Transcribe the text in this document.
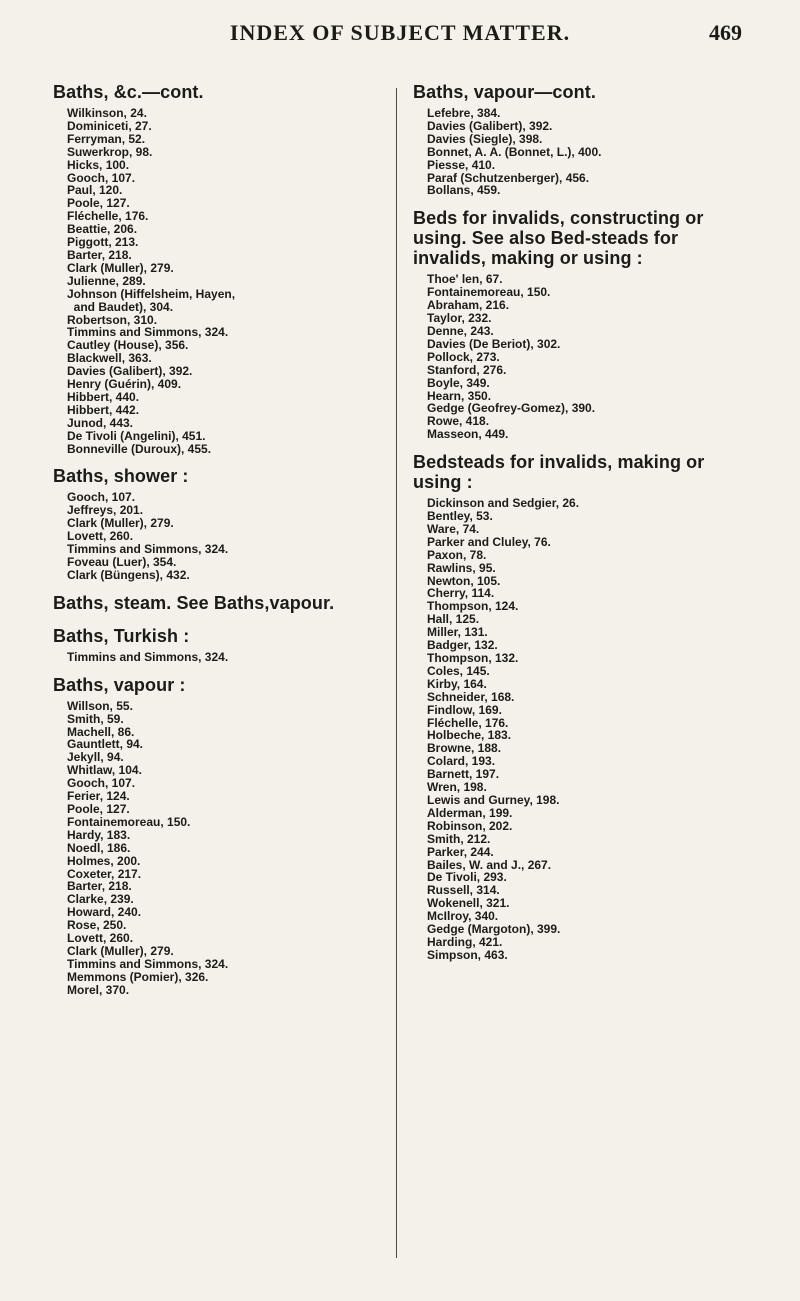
INDEX OF SUBJECT MATTER.	469
Baths, &c.—cont.
Wilkinson, 24.
Dominiceti, 27.
Ferryman, 52.
Suwerkrop, 98.
Hicks, 100.
Gooch, 107.
Paul, 120.
Poole, 127.
Fléchelle, 176.
Beattie, 206.
Piggott, 213.
Barter, 218.
Clark (Muller), 279.
Julienne, 289.
Johnson (Hiffelsheim, Hayen,
and Baudet), 304.
Robertson, 310.
Timmins and Simmons, 324.
Cautley (House), 356.
Blackwell, 363.
Davies (Galibert), 392.
Henry (Guérin), 409.
Hibbert, 440.
Hibbert, 442.
Junod, 443.
De Tivoli (Angelini), 451.
Bonneville (Duroux), 455.
Baths, shower :
Gooch, 107.
Jeffreys, 201.
Clark (Muller), 279.
Lovett, 260.
Timmins and Simmons, 324.
Foveau (Luer), 354.
Clark (Büngens), 432.
Baths, steam. See Baths,vapour.
Baths, Turkish :
Timmins and Simmons, 324.
Baths, vapour :
Willson, 55.
Smith, 59.
Machell, 86.
Gauntlett, 94.
Jekyll, 94.
Whitlaw, 104.
Gooch, 107.
Ferier, 124.
Poole, 127.
Fontainemoreau, 150.
Hardy, 183.
Noedl, 186.
Holmes, 200.
Coxeter, 217.
Barter, 218.
Clarke, 239.
Howard, 240.
Rose, 250.
Lovett, 260.
Clark (Muller), 279.
Timmins and Simmons, 324.
Memmons (Pomier), 326.
Morel, 370.
Baths, vapour—cont.
Lefebre, 384.
Davies (Galibert), 392.
Davies (Siegle), 398.
Bonnet, A. A. (Bonnet, L.), 400.
Piesse, 410.
Paraf (Schutzenberger), 456.
Bollans, 459.
Beds for invalids, constructing or using. See also Bed-steads for invalids, making or using :
Thoe' len, 67.
Fontainemoreau, 150.
Abraham, 216.
Taylor, 232.
Denne, 243.
Davies (De Beriot), 302.
Pollock, 273.
Stanford, 276.
Boyle, 349.
Hearn, 350.
Gedge (Geofrey-Gomez), 390.
Rowe, 418.
Masseon, 449.
Bedsteads for invalids, making or using :
Dickinson and Sedgier, 26.
Bentley, 53.
Ware, 74.
Parker and Cluley, 76.
Paxon, 78.
Rawlins, 95.
Newton, 105.
Cherry, 114.
Thompson, 124.
Hall, 125.
Miller, 131.
Badger, 132.
Thompson, 132.
Coles, 145.
Kirby, 164.
Schneider, 168.
Findlow, 169.
Fléchelle, 176.
Holbeche, 183.
Browne, 188.
Colard, 193.
Barnett, 197.
Wren, 198.
Lewis and Gurney, 198.
Alderman, 199.
Robinson, 202.
Smith, 212.
Parker, 244.
Bailes, W. and J., 267.
De Tivoli, 293.
Russell, 314.
Wokenell, 321.
McIlroy, 340.
Gedge (Margoton), 399.
Harding, 421.
Simpson, 463.
